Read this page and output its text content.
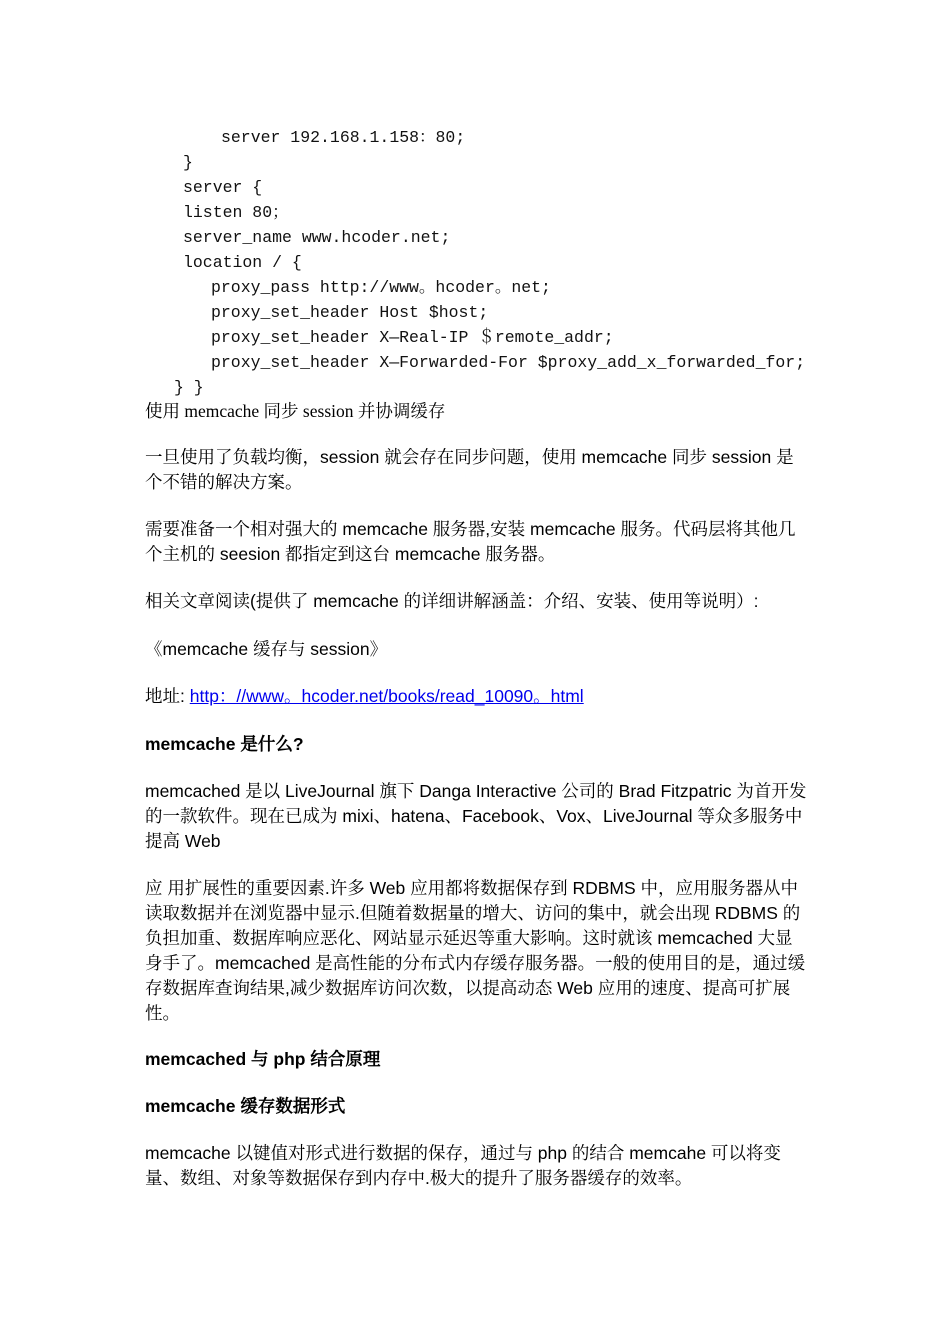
server 192.168.1.158：80;

}

server {

listen 80；

server_name www.hcoder.net;

location / {

proxy_pass http://www。hcoder。net;

proxy_set_header Host $host;

proxy_set_header X—Real-IP ＄remote_addr;

proxy_set_header X—Forwarded-For $proxy_add_x_forwarded_for;

} }

使用 memcache 同步 session 并协调缓存
一旦使用了负载均衡，session 就会存在同步问题，使用 memcache 同步 session 是个不错的解决方案。
需要准备一个相对强大的 memcache 服务器,安装 memcache 服务。代码层将其他几个主机的 seesion 都指定到这台 memcache 服务器。
相关文章阅读(提供了 memcache 的详细讲解涵盖：介绍、安装、使用等说明）:
《memcache 缓存与 session》
地址: http：//www。hcoder.net/books/read_10090。html
memcache 是什么?
memcached 是以 LiveJournal 旗下 Danga Interactive 公司的 Brad Fitzpatric 为首开发的一款软件。现在已成为 mixi、hatena、Facebook、Vox、LiveJournal 等众多服务中提高 Web
应 用扩展性的重要因素.许多 Web 应用都将数据保存到 RDBMS 中，应用服务器从中读取数据并在浏览器中显示.但随着数据量的增大、访问的集中，就会出现 RDBMS 的负担加重、数据库响应恶化、网站显示延迟等重大影响。这时就该 memcached 大显身手了。memcached 是高性能的分布式内存缓存服务器。一般的使用目的是，通过缓存数据库查询结果,减少数据库访问次数，以提高动态 Web 应用的速度、提高可扩展性。
memcached 与 php 结合原理
memcache 缓存数据形式
memcache 以键值对形式进行数据的保存，通过与 php 的结合 memcahe 可以将变量、数组、对象等数据保存到内存中.极大的提升了服务器缓存的效率。
